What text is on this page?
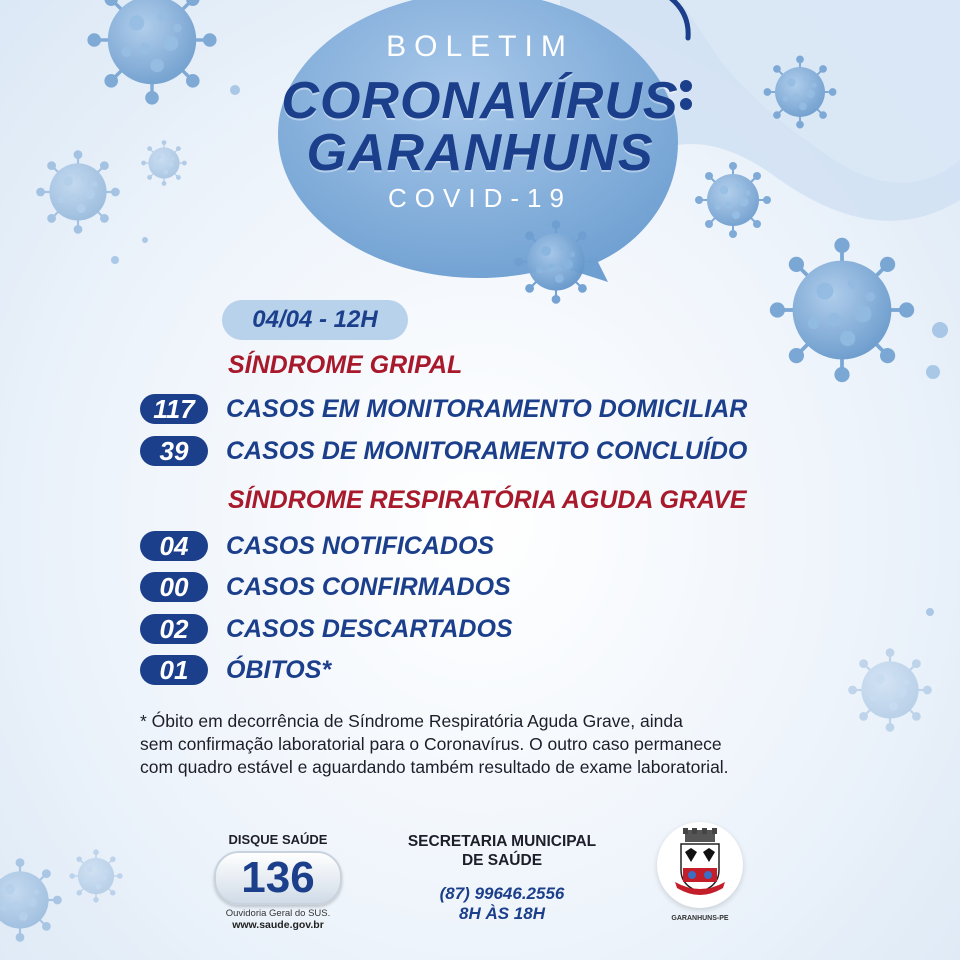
BOLETIM
CORONAVÍRUS
GARANHUNS
COVID-19
04/04 - 12H
SÍNDROME GRIPAL
117	CASOS EM MONITORAMENTO DOMICILIAR
39	CASOS DE MONITORAMENTO CONCLUÍDO
SÍNDROME RESPIRATÓRIA AGUDA GRAVE
04	CASOS NOTIFICADOS
00	CASOS CONFIRMADOS
02	CASOS DESCARTADOS
01	ÓBITOS*

* Óbito em decorrência de Síndrome Respiratória Aguda Grave, ainda

sem confirmação laboratorial para o Coronavírus. O outro caso permanece

com quadro estável e aguardando também resultado de exame laboratorial.

DISQUE SAÚDE
136
Ouvidoria Geral do SUS.
www.saude.gov.br
SECRETARIA MUNICIPAL
DE SAÚDE
(87) 99646.2556
8H ÀS 18H	GARANHUNS-PE
